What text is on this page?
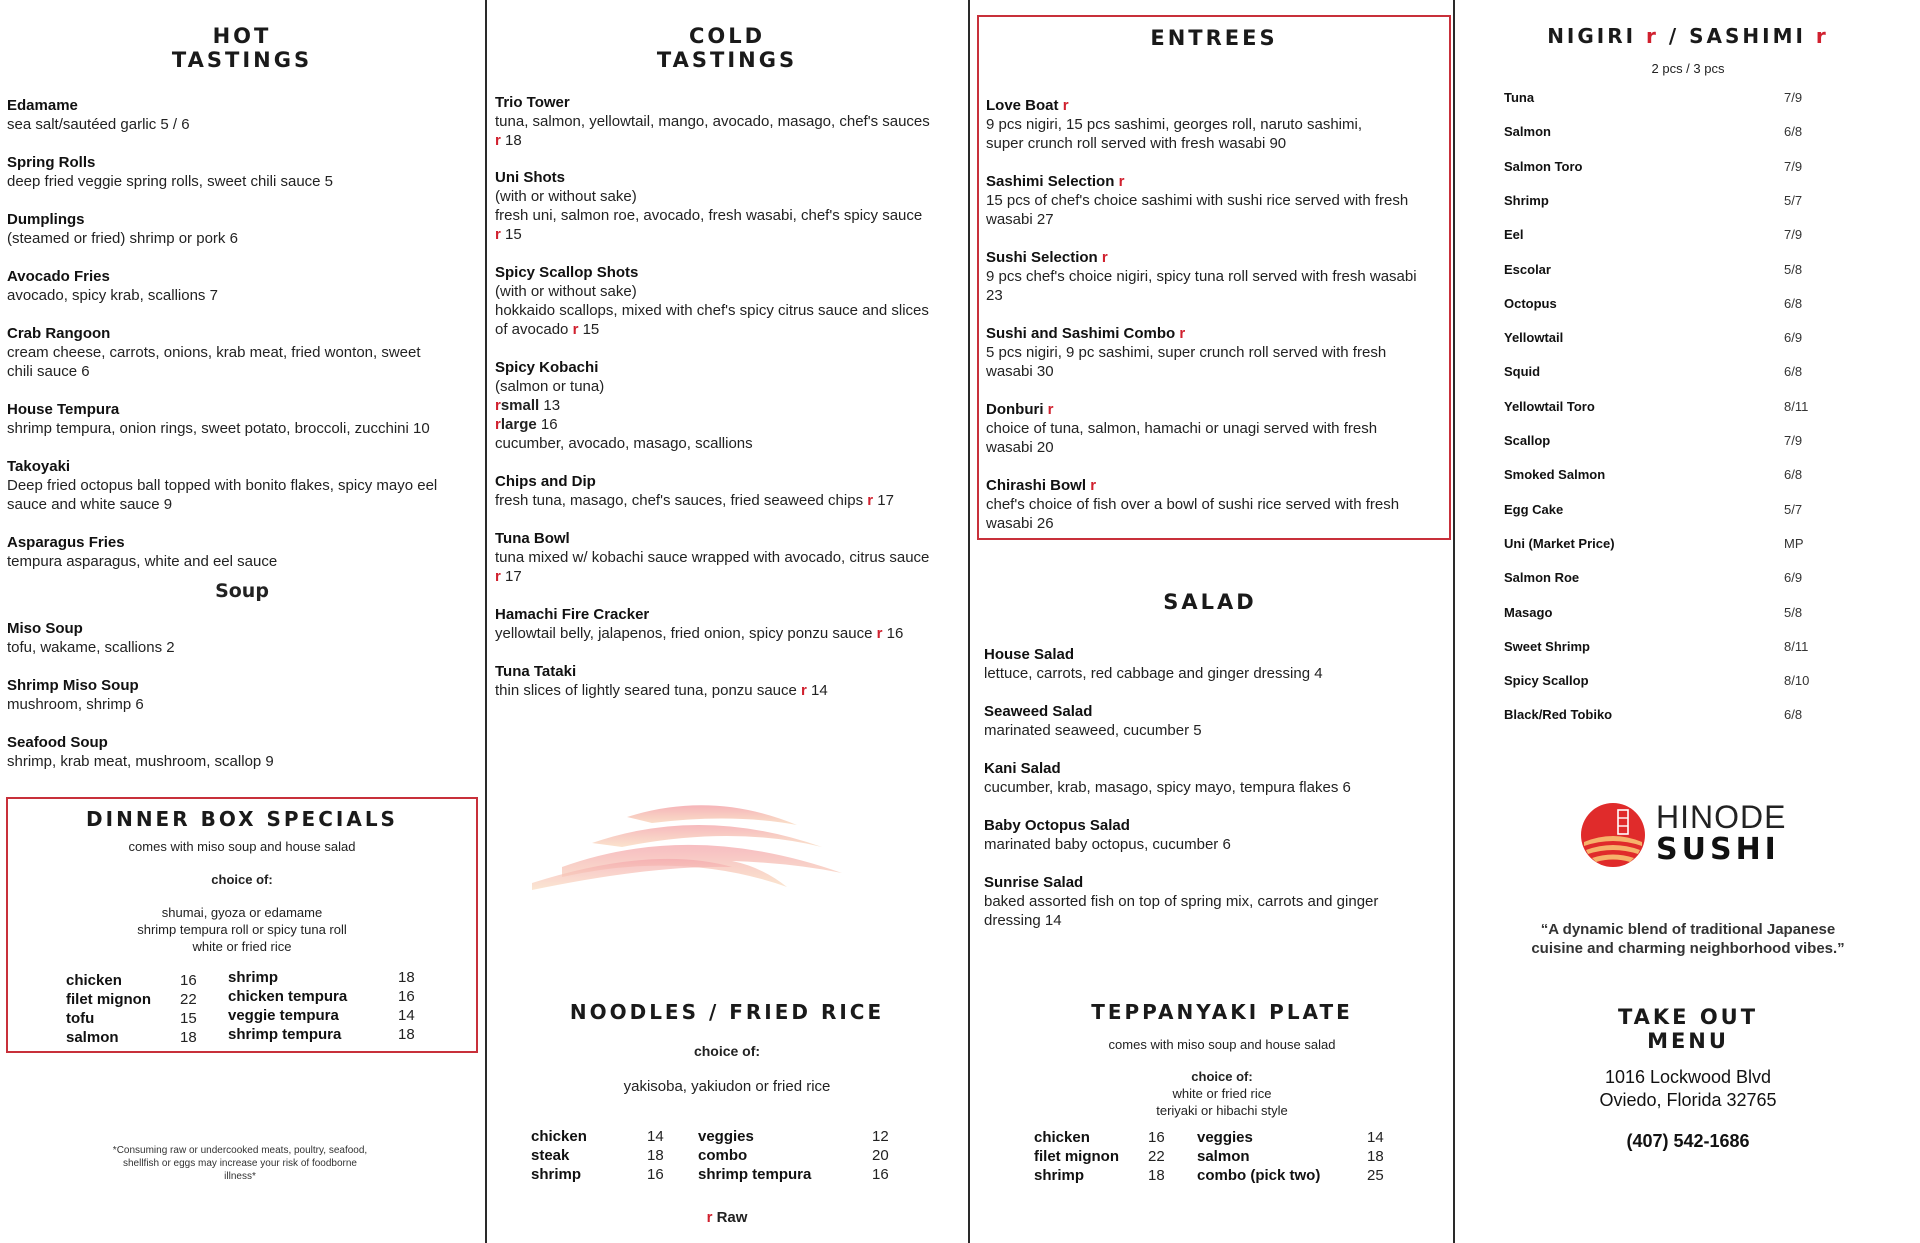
HOT
TASTINGS
Edamame
sea salt/sautéed garlic 5 / 6
Spring Rolls
deep fried veggie spring rolls, sweet chili sauce 5
Dumplings
(steamed or fried) shrimp or pork 6
Avocado Fries
avocado, spicy krab, scallions 7
Crab Rangoon
cream cheese, carrots, onions, krab meat, fried wonton, sweet
chili sauce 6
House Tempura
shrimp tempura, onion rings, sweet potato, broccoli, zucchini 10
Takoyaki
Deep fried octopus ball topped with bonito flakes, spicy mayo eel
sauce and white sauce 9
Asparagus Fries
tempura asparagus, white and eel sauce
Soup
Miso Soup
tofu, wakame, scallions 2
Shrimp Miso Soup
mushroom, shrimp 6
Seafood Soup
shrimp, krab meat, mushroom, scallop 9
DINNER BOX SPECIALS
comes with miso soup and house salad
choice of:
shumai, gyoza or edamame
shrimp tempura roll or spicy tuna roll
white or fried rice
chicken	16
filet mignon	22
tofu	15
salmon	18
shrimp	18
chicken tempura	16
veggie tempura	14
shrimp tempura	18
*Consuming raw or undercooked meats, poultry, seafood,
shellfish or eggs may increase your risk of foodborne
illness*
COLD
TASTINGS
Trio Tower
tuna, salmon, yellowtail, mango, avocado, masago, chef's sauces
r 18
Uni Shots
(with or without sake)
fresh uni, salmon roe, avocado, fresh wasabi, chef's spicy sauce
r 15
Spicy Scallop Shots
(with or without sake)
hokkaido scallops, mixed with chef's spicy citrus sauce and slices
of avocado r 15
Spicy Kobachi
(salmon or tuna)
rsmall 13
rlarge 16
cucumber, avocado, masago, scallions
Chips and Dip
fresh tuna, masago, chef's sauces, fried seaweed chips r 17
Tuna Bowl
tuna mixed w/ kobachi sauce wrapped with avocado, citrus sauce
r 17
Hamachi Fire Cracker
yellowtail belly, jalapenos, fried onion, spicy ponzu sauce r 16
Tuna Tataki
thin slices of lightly seared tuna, ponzu sauce r 14
NOODLES / FRIED RICE
choice of:
yakisoba, yakiudon or fried rice
chicken	14
steak	18
shrimp	16
veggies	12
combo	20
shrimp tempura	16
r Raw
ENTREES
Love Boat r
9 pcs nigiri, 15 pcs sashimi, georges roll, naruto sashimi,
super crunch roll served with fresh wasabi 90
Sashimi Selection r
15 pcs of chef's choice sashimi with sushi rice served with fresh
wasabi 27
Sushi Selection r
9 pcs chef's choice nigiri, spicy tuna roll served with fresh wasabi
23
Sushi and Sashimi Combo r
5 pcs nigiri, 9 pc sashimi, super crunch roll served with fresh
wasabi 30
Donburi r
choice of tuna, salmon, hamachi or unagi served with fresh
wasabi 20
Chirashi Bowl r
chef's choice of fish over a bowl of sushi rice served with fresh
wasabi 26
SALAD
House Salad
lettuce, carrots, red cabbage and ginger dressing 4
Seaweed Salad
marinated seaweed, cucumber 5
Kani Salad
cucumber, krab, masago, spicy mayo, tempura flakes 6
Baby Octopus Salad
marinated baby octopus, cucumber 6
Sunrise Salad
baked assorted fish on top of spring mix, carrots and ginger
dressing 14
TEPPANYAKI PLATE
comes with miso soup and house salad
choice of:
white or fried rice
teriyaki or hibachi style
chicken	16
filet mignon	22
shrimp	18
veggies	14
salmon	18
combo (pick two)	25
NIGIRI r / SASHIMI r
2 pcs / 3 pcs
Tuna	7/9
Salmon	6/8
Salmon Toro	7/9
Shrimp	5/7
Eel	7/9
Escolar	5/8
Octopus	6/8
Yellowtail	6/9
Squid	6/8
Yellowtail Toro	8/11
Scallop	7/9
Smoked Salmon	6/8
Egg Cake	5/7
Uni (Market Price)	MP
Salmon Roe	6/9
Masago	5/8
Sweet Shrimp	8/11
Spicy Scallop	8/10
Black/Red Tobiko	6/8
HINODE
SUSHI
“A dynamic blend of traditional Japanese
cuisine and charming neighborhood vibes.”
TAKE OUT
MENU
1016 Lockwood Blvd
Oviedo, Florida 32765
(407) 542-1686
